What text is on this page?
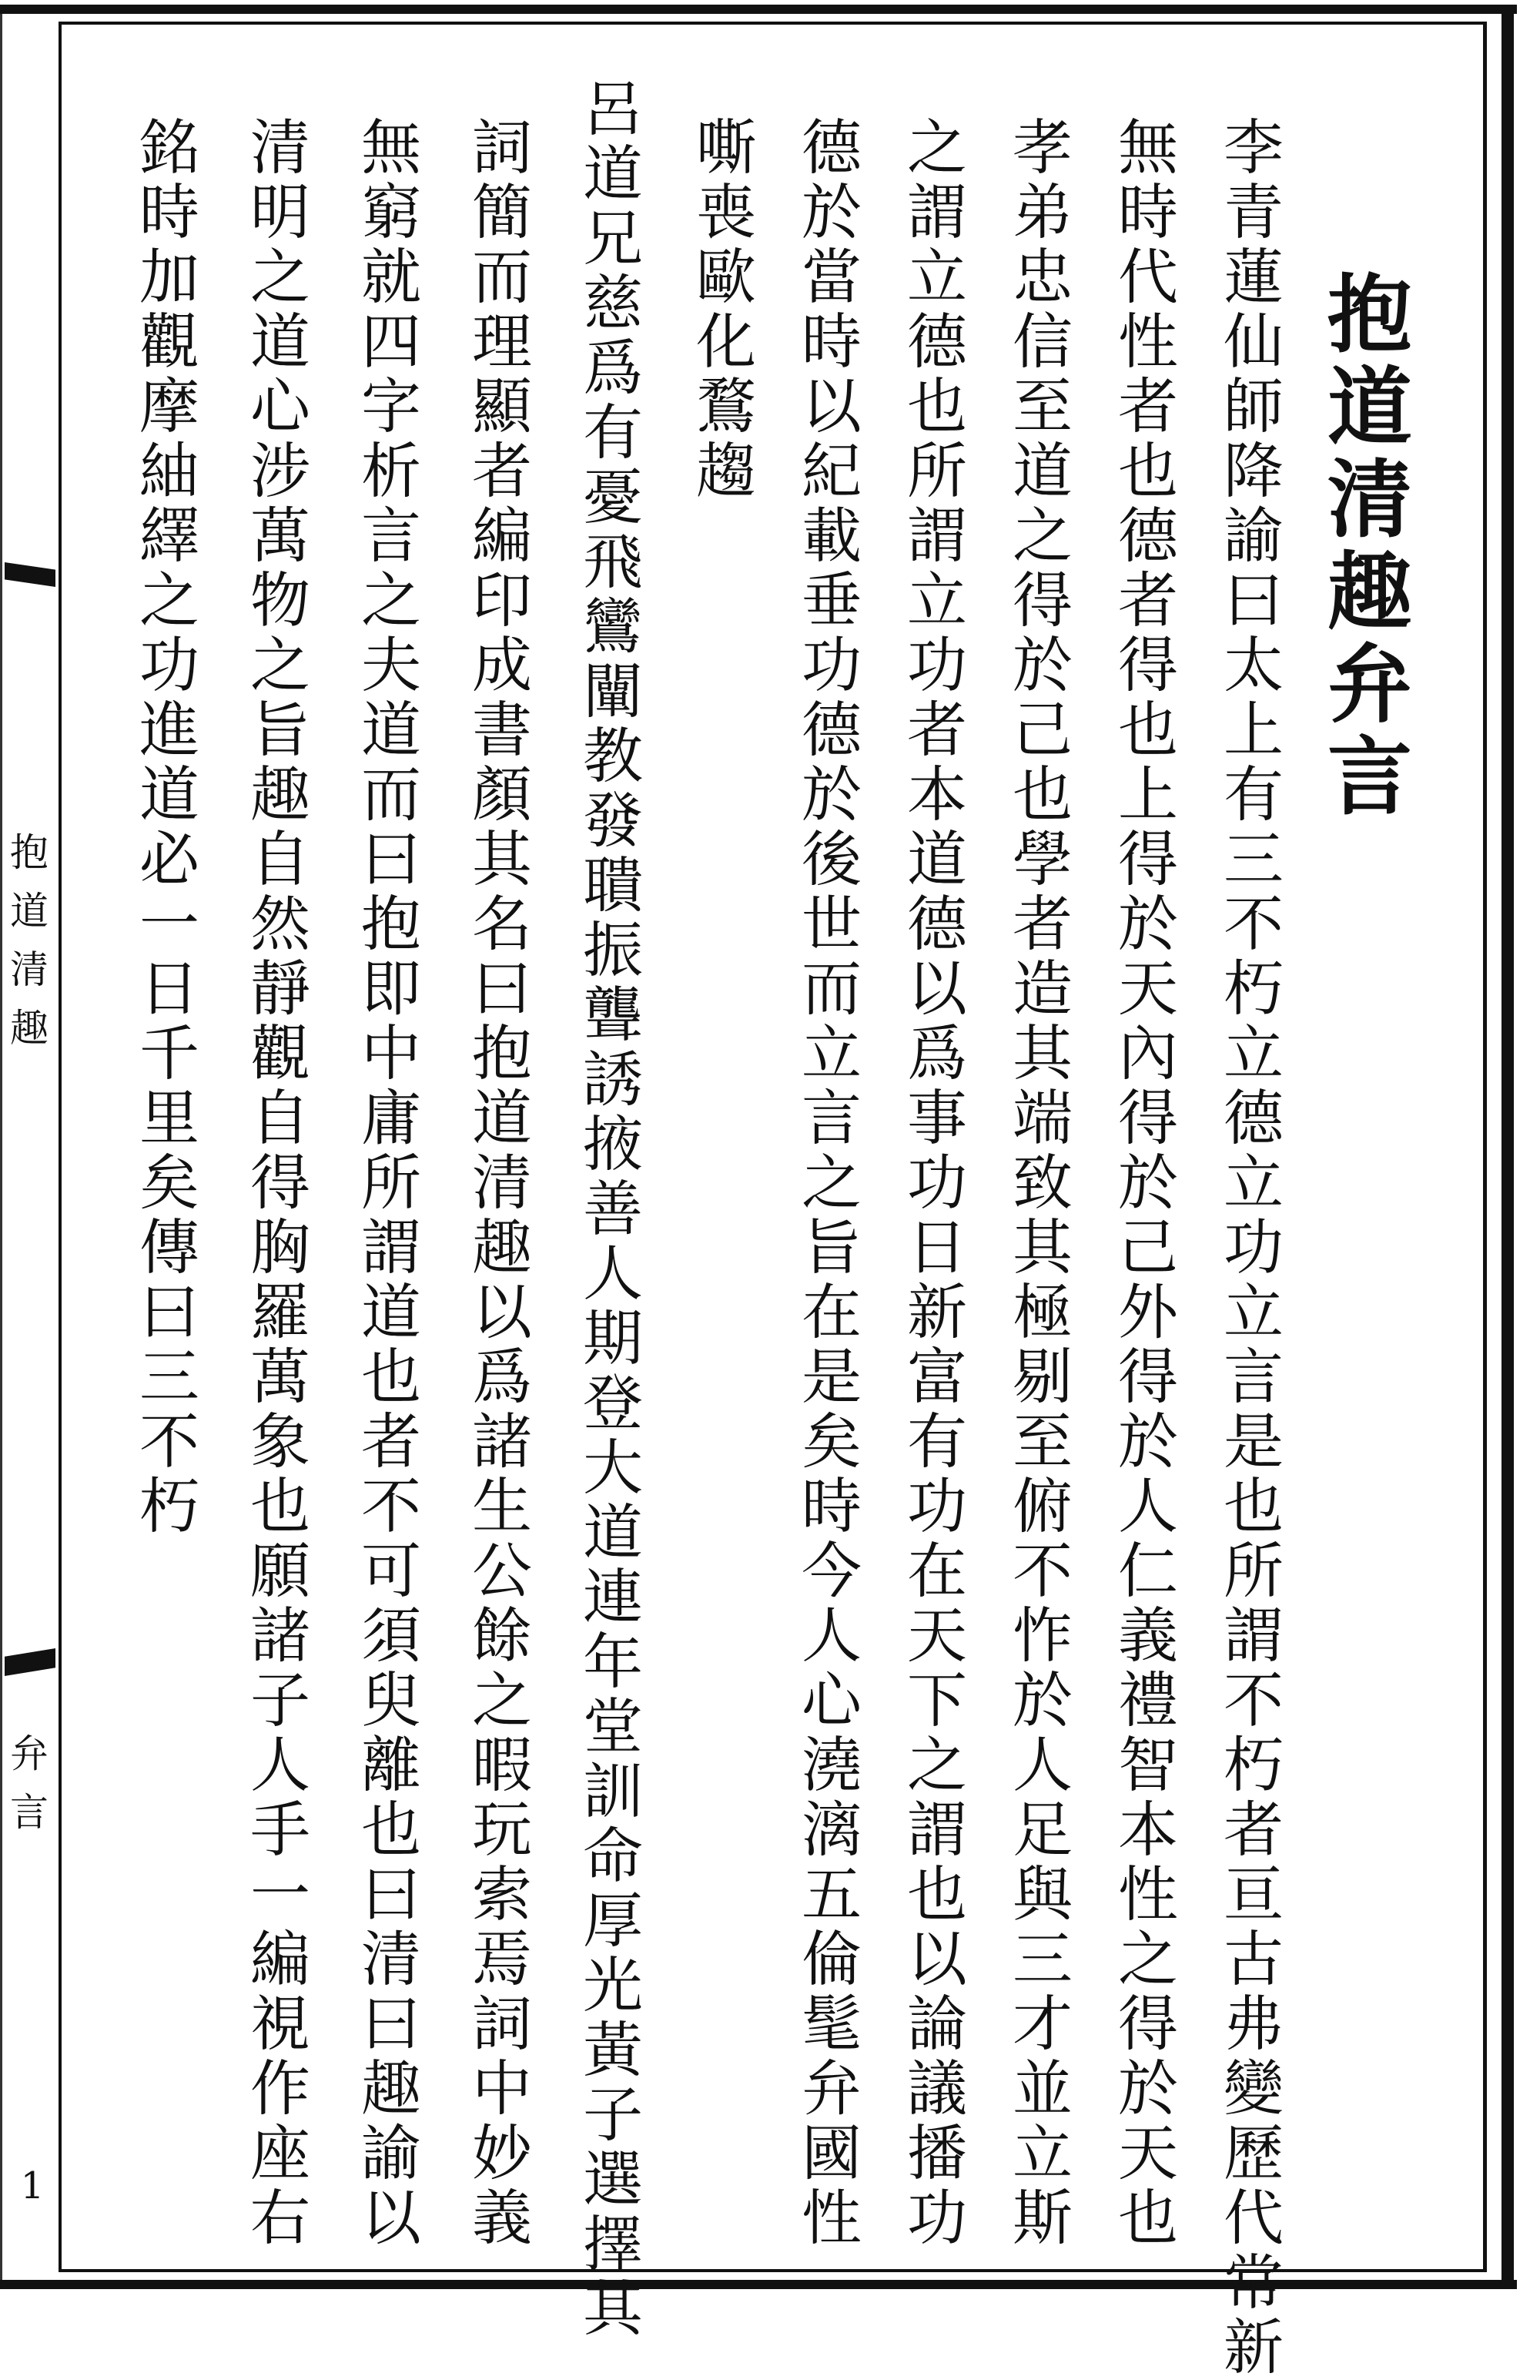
抱道清趣
弁言
1
抱道清趣弁言
李青蓮仙師降諭曰太上有三不朽立德立功立言是也所謂不朽者亘古弗變歷代常新
無時代性者也德者得也上得於天內得於己外得於人仁義禮智本性之得於天也
孝弟忠信至道之得於己也學者造其端致其極剔至俯不怍於人足與三才並立斯
之謂立德也所謂立功者本道德以爲事功日新富有功在天下之謂也以論議播功
德於當時以紀載垂功德於後世而立言之旨在是矣時今人心澆漓五倫髦弁國性
嘶喪歐化鶩趨
呂道兄慈爲有憂飛鸞闡教發聵振聾誘掖善人期登大道連年堂訓命厚光黃子選擇其
詞簡而理顯者編印成書顏其名曰抱道清趣以爲諸生公餘之暇玩索焉詞中妙義
無窮就四字析言之夫道而曰抱即中庸所謂道也者不可須臾離也曰清曰趣諭以
清明之道心涉萬物之旨趣自然靜觀自得胸羅萬象也願諸子人手一編視作座右
銘時加觀摩紬繹之功進道必一日千里矣傳曰三不朽
